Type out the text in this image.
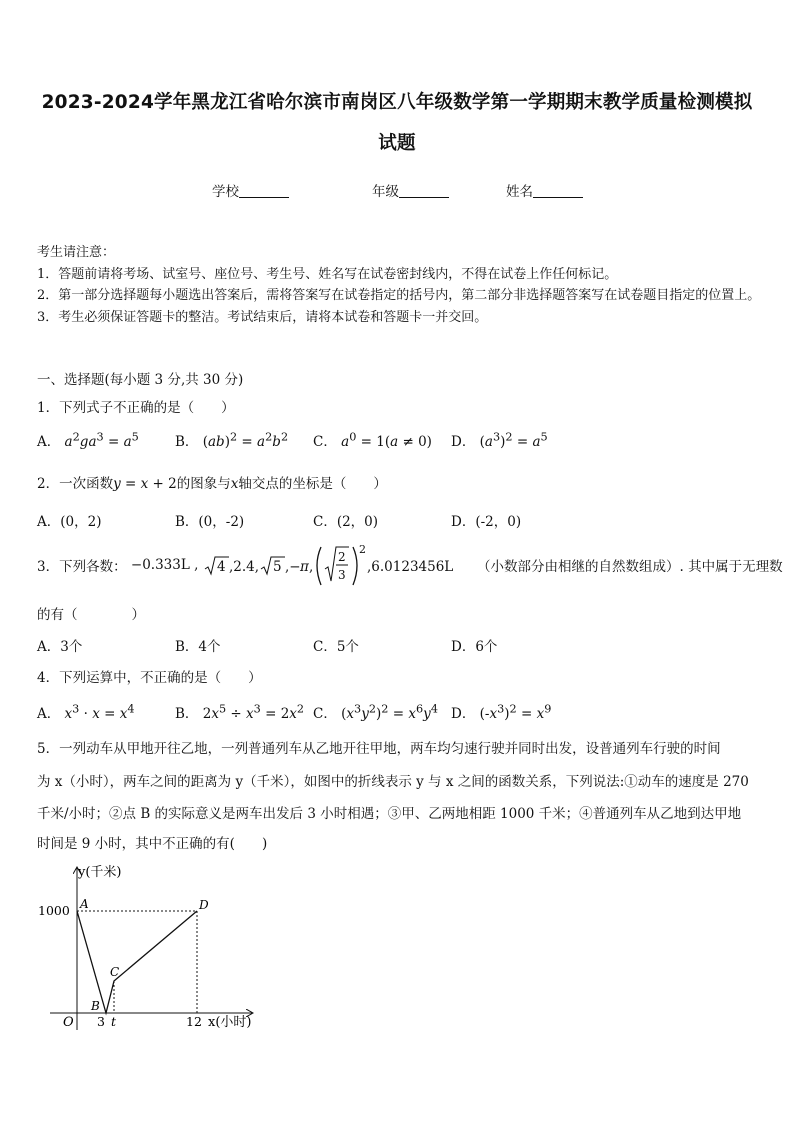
2023-2024学年黑龙江省哈尔滨市南岗区八年级数学第一学期期末教学质量检测模拟
试题
学校	年级	姓名
考生请注意：
1．答题前请将考场、试室号、座位号、考生号、姓名写在试卷密封线内，不得在试卷上作任何标记。
2．第一部分选择题每小题选出答案后，需将答案写在试卷指定的括号内，第二部分非选择题答案写在试卷题目指定的位置上。
3．考生必须保证答题卡的整洁。考试结束后，请将本试卷和答题卡一并交回。
一、选择题(每小题 3 分,共 30 分)
1．下列式子不正确的是（　　）
A． $a^2ga^3 = a^5$	B． $(ab)^2 = a^2b^2$ C． $a^0 = 1(a \ne 0)$ D． $(a^3)^2 = a^5$
2．一次函数y = x + 2的图象与x轴交点的坐标是（　　）
A．(0，2)	B．(0，-2)	C．(2，0)	D．(-2，0)
3．下列各数： −0.333L , 4 ,2.4, 5 ,− π ,
2
3
2
,6.0123456L （小数部分由相继的自然数组成）. 其中属于无理数
的有（　　　　）
A．3个	B．4个	C．5个	D．6个
4．下列运算中，不正确的是（　　）
A． $x^3 \cdot x = x^4$	B． $2x^5 \div x^3 = 2x^2$ C． $(x^3y^2)^2 = x^6y^4$ D． $(-x^3)^2 = x^9$
5．一列动车从甲地开往乙地，一列普通列车从乙地开往甲地，两车均匀速行驶并同时出发，设普通列车行驶的时间
为 x（小时），两车之间的距离为 y（千米），如图中的折线表示 y 与 x 之间的函数关系，下列说法:①动车的速度是 270
千米/小时；②点 B 的实际意义是两车出发后 3 小时相遇；③甲、乙两地相距 1000 千米；④普通列车从乙地到达甲地
时间是 9 小时，其中不正确的有(　　)
y(千米)
1000
O
A
B
C
D
3 t	12 x(小时)
